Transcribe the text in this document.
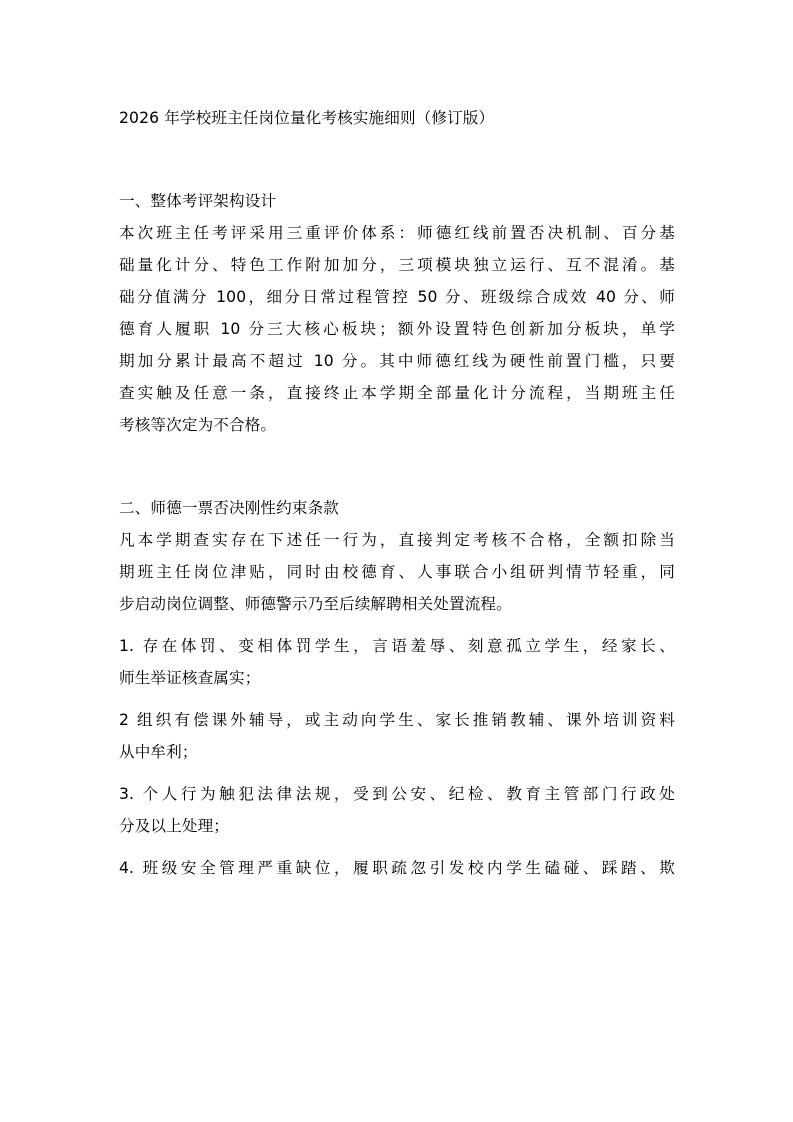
2026 年学校班主任岗位量化考核实施细则（修订版）
一、整体考评架构设计
本次班主任考评采用三重评价体系：师德红线前置否决机制、百分基
础量化计分、特色工作附加加分，三项模块独立运行、互不混淆。基
础分值满分 100，细分日常过程管控 50 分、班级综合成效 40 分、师
德育人履职 10 分三大核心板块；额外设置特色创新加分板块，单学
期加分累计最高不超过 10 分。其中师德红线为硬性前置门槛，只要
查实触及任意一条，直接终止本学期全部量化计分流程，当期班主任
考核等次定为不合格。
二、师德一票否决刚性约束条款
凡本学期查实存在下述任一行为，直接判定考核不合格，全额扣除当
期班主任岗位津贴，同时由校德育、人事联合小组研判情节轻重，同
步启动岗位调整、师德警示乃至后续解聘相关处置流程。
1. 存在体罚、变相体罚学生，言语羞辱、刻意孤立学生，经家长、
师生举证核查属实；
2 组织有偿课外辅导，或主动向学生、家长推销教辅、课外培训资料
从中牟利；
3. 个人行为触犯法律法规，受到公安、纪检、教育主管部门行政处
分及以上处理；
4. 班级安全管理严重缺位，履职疏忽引发校内学生磕碰、踩踏、欺
